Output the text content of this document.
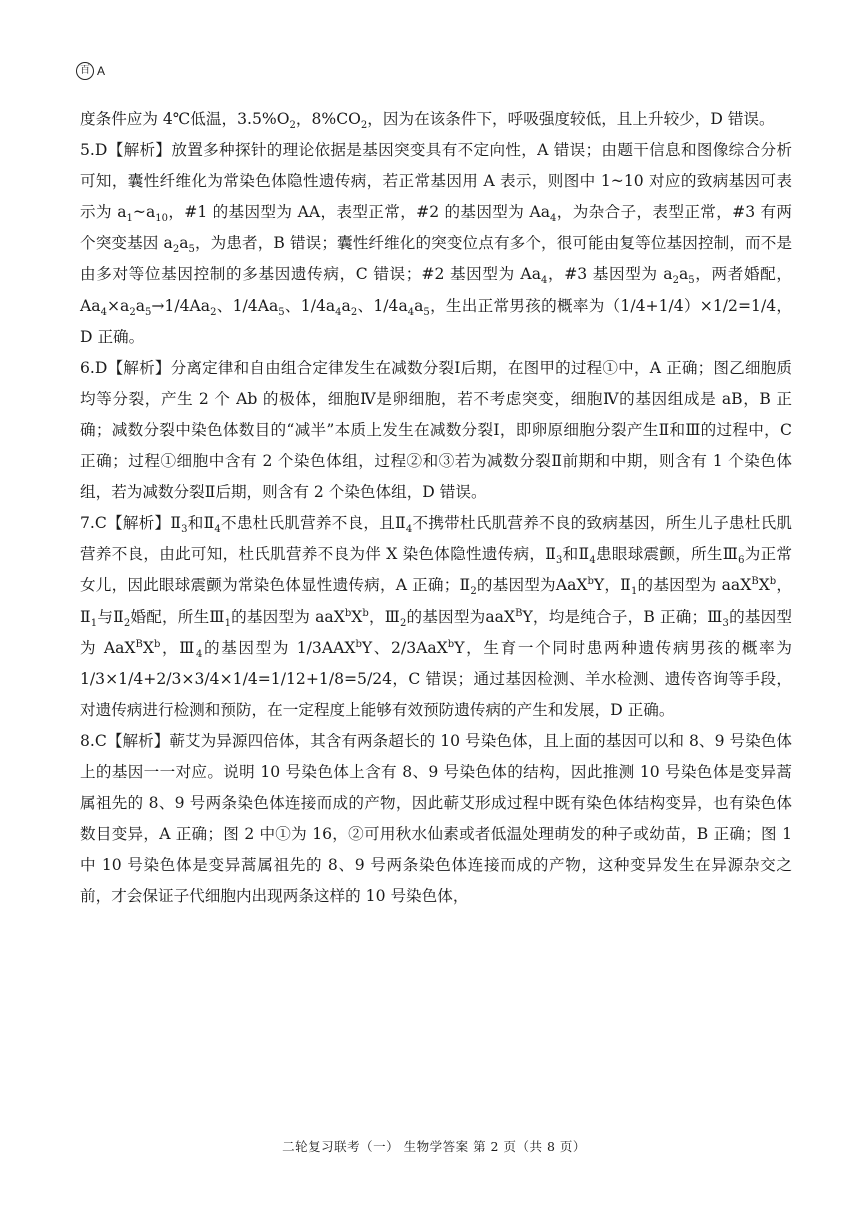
百 A

度条件应为 4℃低温，$3.5\%O_2$，$8\%CO_2$，因为在该条件下，呼吸强度较低，且上升较少，D 错误。

5.D【解析】放置多种探针的理论依据是基因突变具有不定向性，A 错误；由题干信息和图像综合分析可知，囊性纤维化为常染色体隐性遗传病，若正常基因用 A 表示，则图中 1~10 对应的致病基因可表示为 $a_1\sim a_{10}$，#1 的基因型为 AA，表型正常，#2 的基因型为 $Aa_4$，为杂合子，表型正常，#3 有两个突变基因 $a_2a_5$，为患者，B 错误；囊性纤维化的突变位点有多个，很可能由复等位基因控制，而不是由多对等位基因控制的多基因遗传病，C 错误；#2 基因型为 $Aa_4$，#3 基因型为 $a_2a_5$，两者婚配，$Aa_4\times a_2a_5\to 1/4Aa_2$、$1/4Aa_5$、$1/4a_4a_2$、$1/4a_4a_5$，生出正常男孩的概率为（1/4+1/4）×1/2=1/4，D 正确。

6.D【解析】分离定律和自由组合定律发生在减数分裂Ⅰ后期，在图甲的过程①中，A 正确；图乙细胞质均等分裂，产生 2 个 Ab 的极体，细胞Ⅳ是卵细胞，若不考虑突变，细胞Ⅳ的基因组成是 aB，B 正确；减数分裂中染色体数目的“减半”本质上发生在减数分裂Ⅰ，即卵原细胞分裂产生Ⅱ和Ⅲ的过程中，C 正确；过程①细胞中含有 2 个染色体组，过程②和③若为减数分裂Ⅱ前期和中期，则含有 1 个染色体组，若为减数分裂Ⅱ后期，则含有 2 个染色体组，D 错误。

7.C【解析】$Ⅱ_3$和$Ⅱ_4$不患杜氏肌营养不良，且$Ⅱ_4$不携带杜氏肌营养不良的致病基因，所生儿子患杜氏肌营养不良，由此可知，杜氏肌营养不良为伴 X 染色体隐性遗传病，$Ⅱ_3$和$Ⅱ_4$患眼球震颤，所生$Ⅲ_6$为正常女儿，因此眼球震颤为常染色体显性遗传病，A 正确；$Ⅱ_2$的基因型为AaX$^b$Y，$Ⅱ_1$的基因型为 $aaX^BX^b$，$Ⅱ_1$与$Ⅱ_2$婚配，所生$Ⅲ_1$的基因型为 $aaX^bX^b$，$Ⅲ_2$的基因型为aaX$^B$Y，均是纯合子，B 正确；$Ⅲ_3$的基因型为 $AaX^BX^b$，$Ⅲ_4$的基因型为 1/3AAX$^b$Y、2/3AaX$^b$Y，生育一个同时患两种遗传病男孩的概率为 1/3×1/4+2/3×3/4×1/4=1/12+1/8=5/24，C 错误；通过基因检测、羊水检测、遗传咨询等手段，对遗传病进行检测和预防，在一定程度上能够有效预防遗传病的产生和发展，D 正确。

8.C【解析】蕲艾为异源四倍体，其含有两条超长的 10 号染色体，且上面的基因可以和 8、9 号染色体上的基因一一对应。说明 10 号染色体上含有 8、9 号染色体的结构，因此推测 10 号染色体是变异蒿属祖先的 8、9 号两条染色体连接而成的产物，因此蕲艾形成过程中既有染色体结构变异，也有染色体数目变异，A 正确；图 2 中①为 16，②可用秋水仙素或者低温处理萌发的种子或幼苗，B 正确；图 1 中 10 号染色体是变异蒿属祖先的 8、9 号两条染色体连接而成的产物，这种变异发生在异源杂交之前，才会保证子代细胞内出现两条这样的 10 号染色体，

二轮复习联考（一） 生物学答案 第 2 页（共 8 页）
